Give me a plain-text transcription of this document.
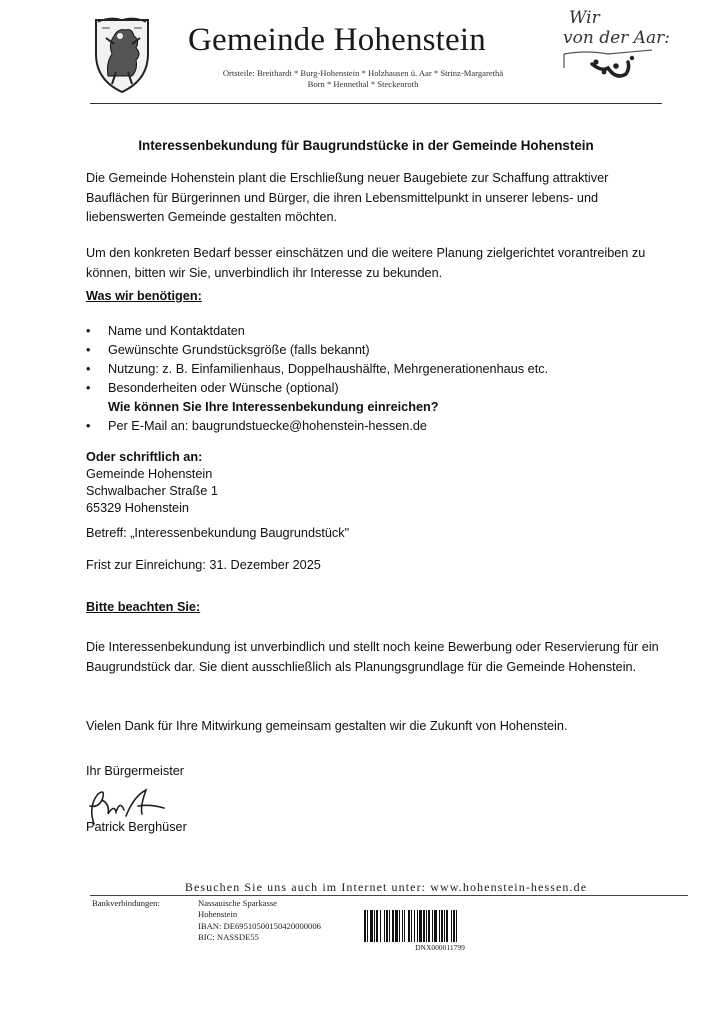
Gemeinde Hohenstein
Ortsteile: Breithardt * Burg-Hohenstein * Holzhausen ü. Aar * Strinz-Margarethä
Born * Hennethal * Steckenroth
Wir
von der Aar:
Interessenbekundung für Baugrundstücke in der Gemeinde Hohenstein
Die Gemeinde Hohenstein plant die Erschließung neuer Baugebiete zur Schaffung attraktiver Bauflächen für Bürgerinnen und Bürger, die ihren Lebensmittelpunkt in unserer lebens- und liebenswerten Gemeinde gestalten möchten.
Um den konkreten Bedarf besser einschätzen und die weitere Planung zielgerichtet vorantreiben zu können, bitten wir Sie, unverbindlich ihr Interesse zu bekunden.
Was wir benötigen:
• Name und Kontaktdaten
• Gewünschte Grundstücksgröße (falls bekannt)
• Nutzung: z. B. Einfamilienhaus, Doppelhaushälfte, Mehrgenerationenhaus etc.
• Besonderheiten oder Wünsche (optional)
Wie können Sie Ihre Interessenbekundung einreichen?
• Per E-Mail an: baugrundstuecke@hohenstein-hessen.de
Oder schriftlich an:
Gemeinde Hohenstein
Schwalbacher Straße 1
65329 Hohenstein
Betreff: „Interessenbekundung Baugrundstück"
Frist zur Einreichung: 31. Dezember 2025
Bitte beachten Sie:
Die Interessenbekundung ist unverbindlich und stellt noch keine Bewerbung oder Reservierung für ein Baugrundstück dar. Sie dient ausschließlich als Planungsgrundlage für die Gemeinde Hohenstein.
Vielen Dank für Ihre Mitwirkung gemeinsam gestalten wir die Zukunft von Hohenstein.
Ihr Bürgermeister
Patrick Berghüser
Besuchen Sie uns auch im Internet unter: www.hohenstein-hessen.de
Bankverbindungen:	Nassauische Sparkasse
Hohenstein
IBAN: DE69510500150420000006
BIC: NASSDE55
DNX000011799
